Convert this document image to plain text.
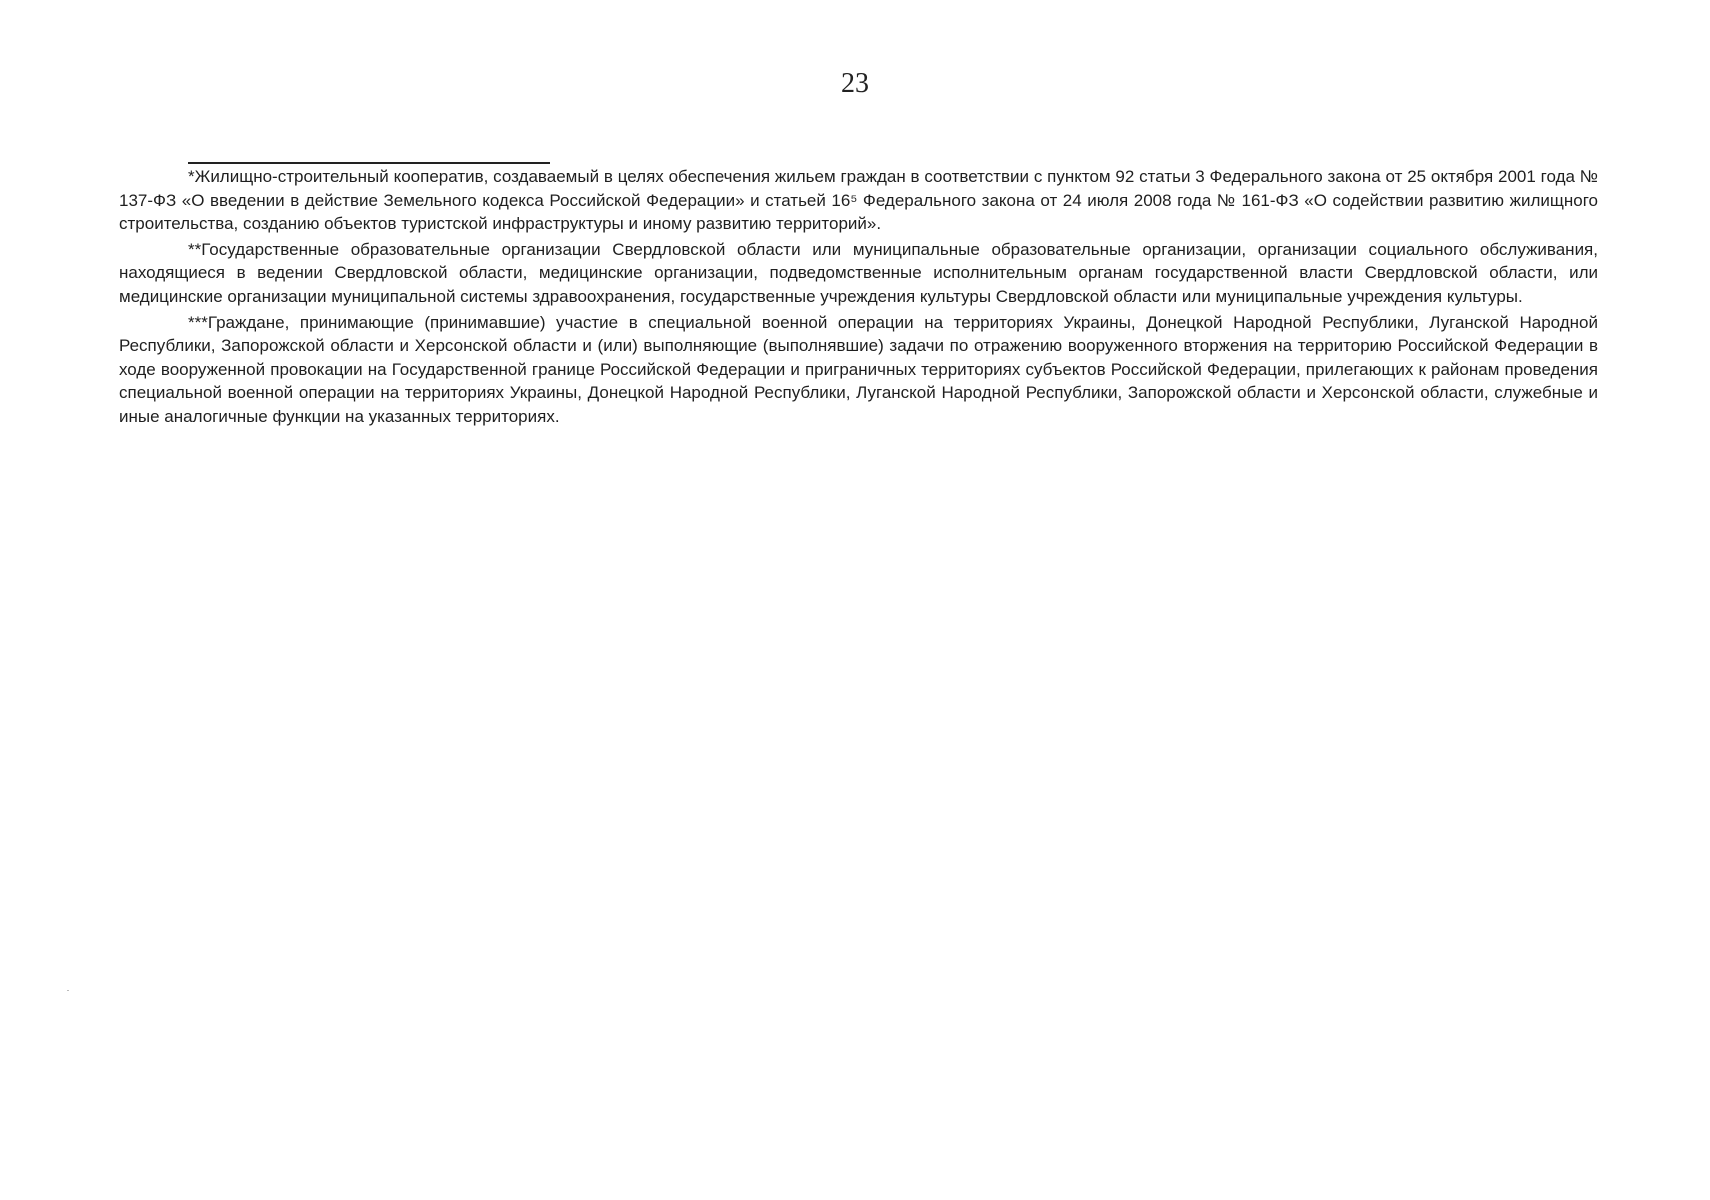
23

*Жилищно-строительный кооператив, создаваемый в целях обеспечения жильем граждан в соответствии с пунктом 92 статьи 3 Федерального закона от 25 октября 2001 года № 137-ФЗ «О введении в действие Земельного кодекса Российской Федерации» и статьей 16⁵ Федерального закона от 24 июля 2008 года № 161-ФЗ «О содействии развитию жилищного строительства, созданию объектов туристской инфраструктуры и иному развитию территорий».

**Государственные образовательные организации Свердловской области или муниципальные образовательные организации, организации социального обслуживания, находящиеся в ведении Свердловской области, медицинские организации, подведомственные исполнительным органам государственной власти Свердловской области, или медицинские организации муниципальной системы здравоохранения, государственные учреждения культуры Свердловской области или муниципальные учреждения культуры.

***Граждане, принимающие (принимавшие) участие в специальной военной операции на территориях Украины, Донецкой Народной Республики, Луганской Народной Республики, Запорожской области и Херсонской области и (или) выполняющие (выполнявшие) задачи по отражению вооруженного вторжения на территорию Российской Федерации в ходе вооруженной провокации на Государственной границе Российской Федерации и приграничных территориях субъектов Российской Федерации, прилегающих к районам проведения специальной военной операции на территориях Украины, Донецкой Народной Республики, Луганской Народной Республики, Запорожской области и Херсонской области, служебные и иные аналогичные функции на указанных территориях.
